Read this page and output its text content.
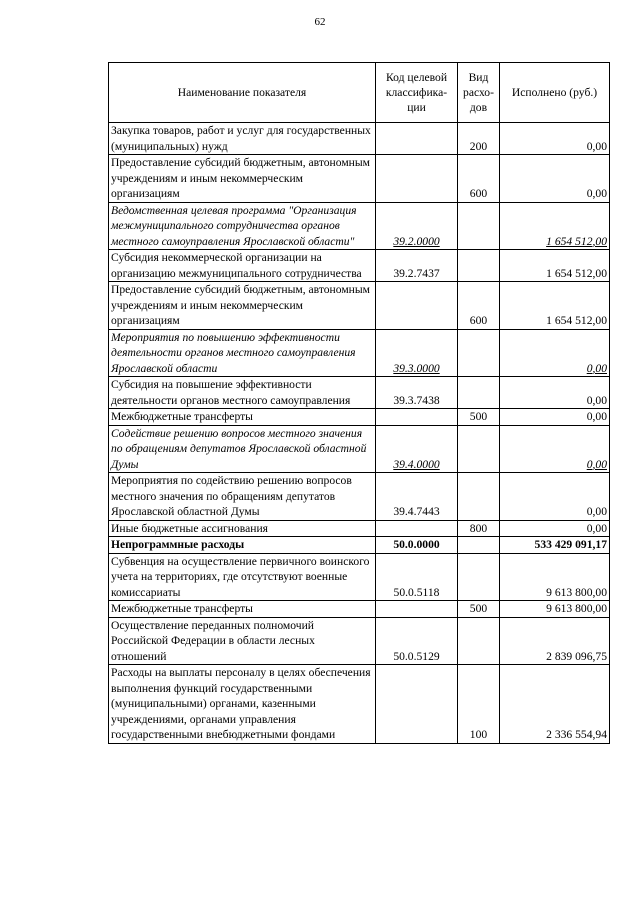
62
Наименование показателя	Код целевой классифика-ции	Вид расхо-дов	Исполнено (руб.)
Закупка товаров, работ и услуг для государственных (муниципальных) нужд		200	0,00
Предоставление субсидий бюджетным, автономным учреждениям и иным некоммерческим организациям		600	0,00
Ведомственная целевая программа "Организация межмуниципального сотрудничества органов местного самоуправления Ярославской области"	39.2.0000		1 654 512,00
Субсидия некоммерческой организации на организацию межмуниципального сотрудничества	39.2.7437		1 654 512,00
Предоставление субсидий бюджетным, автономным учреждениям и иным некоммерческим организациям		600	1 654 512,00
Мероприятия по повышению эффективности деятельности органов местного самоуправления Ярославской области	39.3.0000		0,00
Субсидия на повышение эффективности деятельности органов местного самоуправления	39.3.7438		0,00
Межбюджетные трансферты		500	0,00
Содействие решению вопросов местного значения по обращениям депутатов Ярославской областной Думы	39.4.0000		0,00
Мероприятия по содействию решению вопросов местного значения по обращениям депутатов Ярославской областной Думы	39.4.7443		0,00
Иные бюджетные ассигнования		800	0,00
Непрограммные расходы	50.0.0000		533 429 091,17
Субвенция на осуществление первичного воинского учета на территориях, где отсутствуют военные комиссариаты	50.0.5118		9 613 800,00
Межбюджетные трансферты		500	9 613 800,00
Осуществление переданных полномочий Российской Федерации в области лесных отношений	50.0.5129		2 839 096,75
Расходы на выплаты персоналу в целях обеспечения выполнения функций государственными (муниципальными) органами, казенными учреждениями, органами управления государственными внебюджетными фондами		100	2 336 554,94
